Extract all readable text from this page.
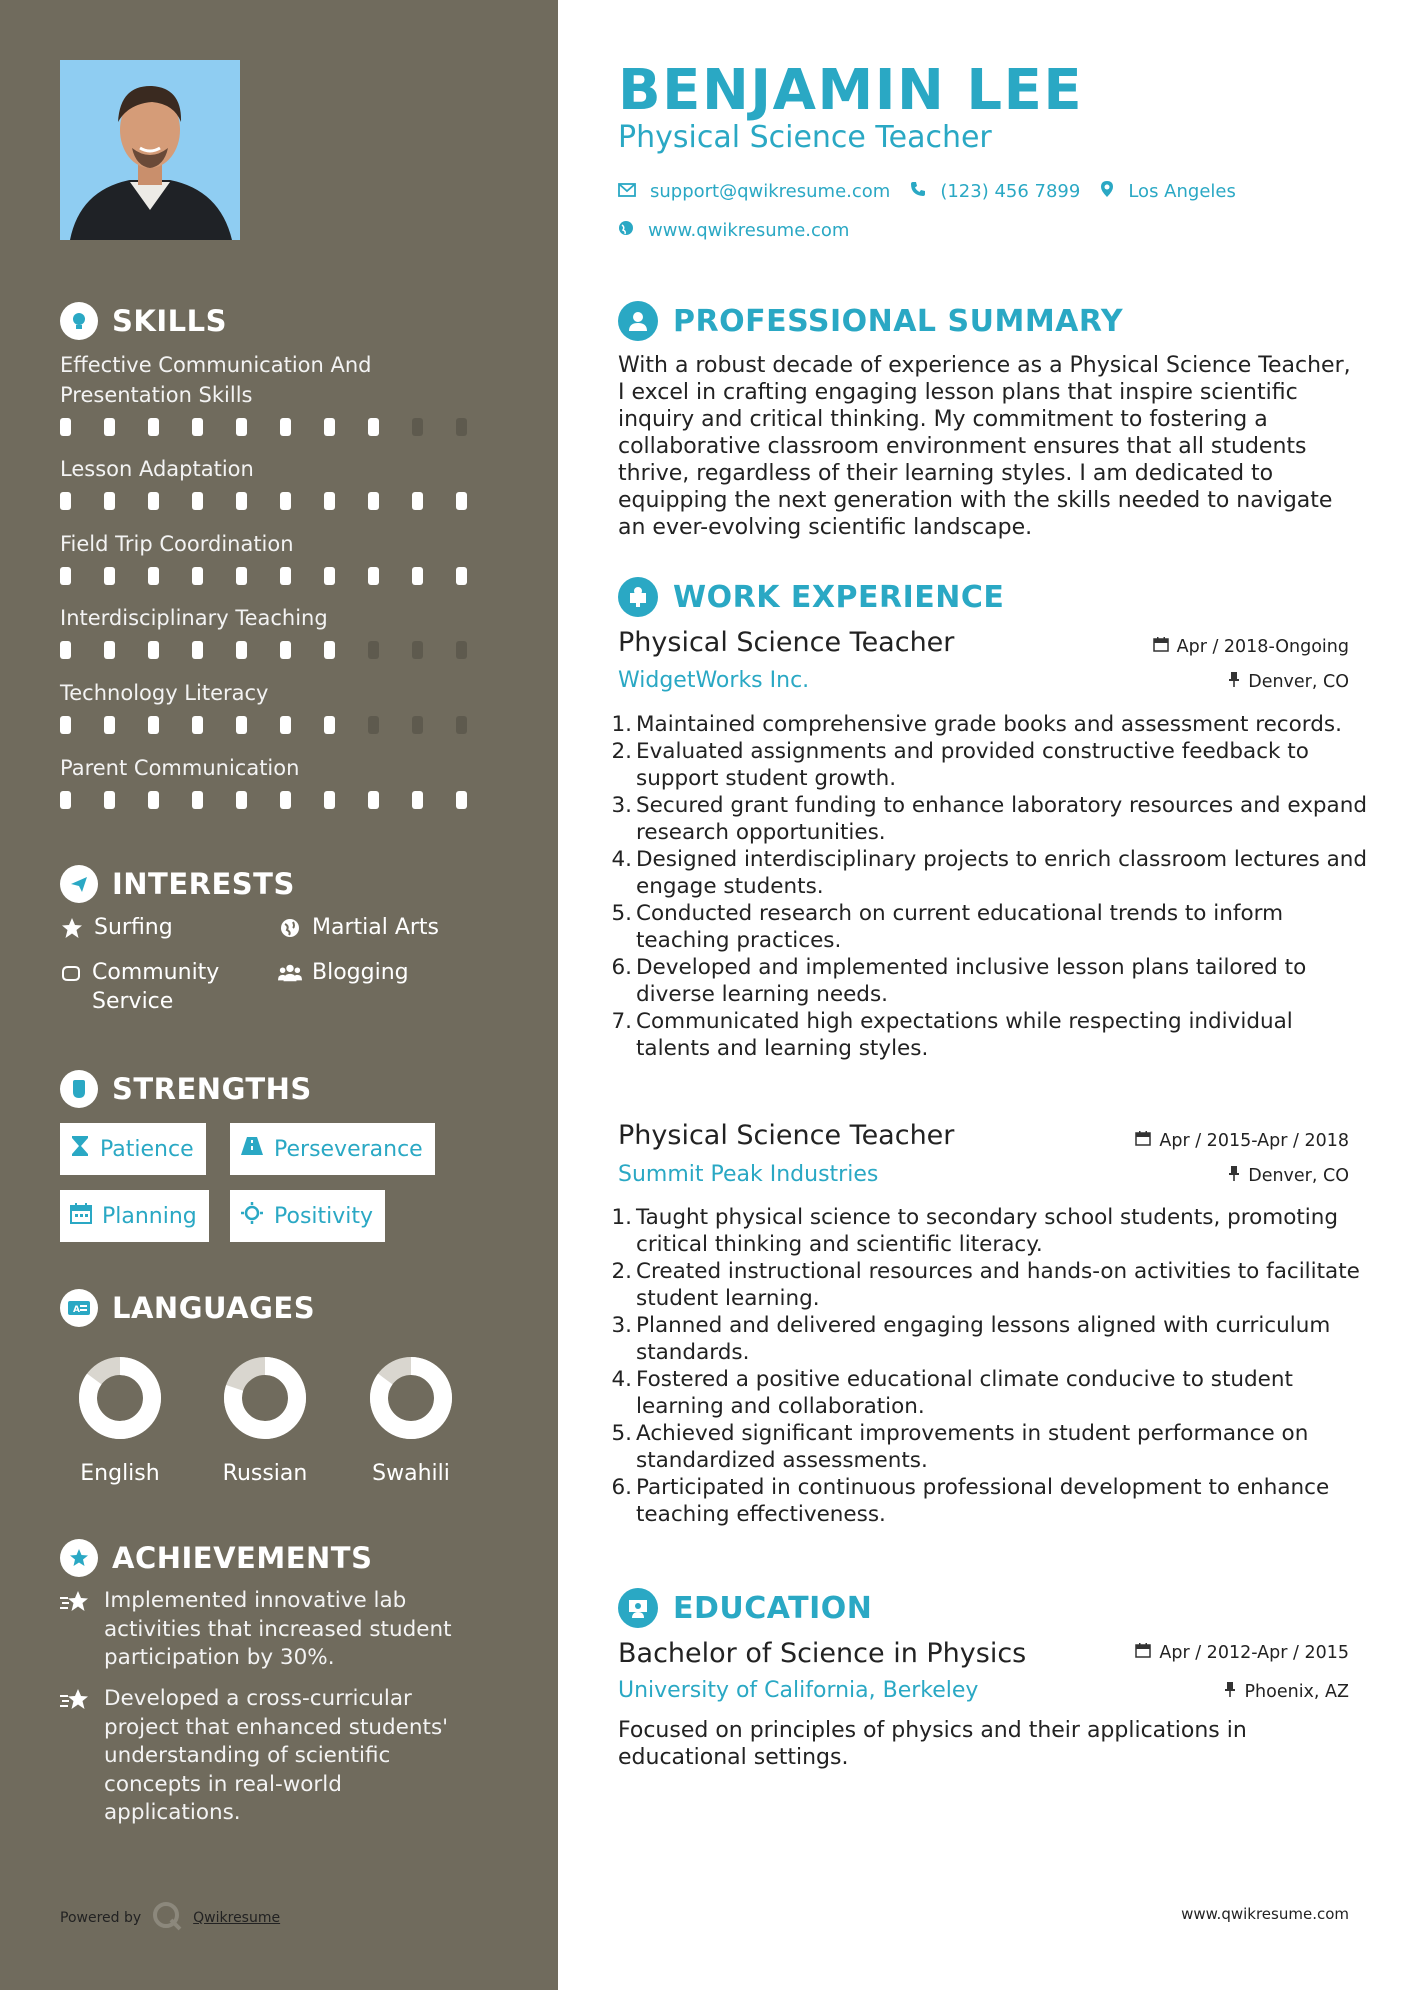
SKILLS
Effective Communication And Presentation Skills
Lesson Adaptation
Field Trip Coordination
Interdisciplinary Teaching
Technology Literacy
Parent Communication
INTERESTS
Surfing	Martial Arts
Community Service
Blogging
STRENGTHS
Patience	Perseverance
Planning	Positivity
A LANGUAGES
English	Russian	Swahili
ACHIEVEMENTS
Implemented innovative lab activities that increased student participation by 30%.
Developed a cross-curricular project that enhanced students' understanding of scientific concepts in real-world applications.
Powered by	Qwikresume
BENJAMIN LEE
Physical Science Teacher
support@qwikresume.com	(123) 456 7899	Los Angeles
www.qwikresume.com
PROFESSIONAL SUMMARY
With a robust decade of experience as a Physical Science Teacher, I excel in crafting engaging lesson plans that inspire scientific inquiry and critical thinking. My commitment to fostering a collaborative classroom environment ensures that all students thrive, regardless of their learning styles. I am dedicated to equipping the next generation with the skills needed to navigate an ever-evolving scientific landscape.
WORK EXPERIENCE
Physical Science Teacher	Apr / 2018-Ongoing
WidgetWorks Inc.	Denver, CO
1. Maintained comprehensive grade books and assessment records.
2. Evaluated assignments and provided constructive feedback to support student growth.
3. Secured grant funding to enhance laboratory resources and expand research opportunities.
4. Designed interdisciplinary projects to enrich classroom lectures and engage students.
5. Conducted research on current educational trends to inform teaching practices.
6. Developed and implemented inclusive lesson plans tailored to diverse learning needs.
7. Communicated high expectations while respecting individual talents and learning styles.
Physical Science Teacher	Apr / 2015-Apr / 2018
Summit Peak Industries	Denver, CO
1. Taught physical science to secondary school students, promoting critical thinking and scientific literacy.
2. Created instructional resources and hands-on activities to facilitate student learning.
3. Planned and delivered engaging lessons aligned with curriculum standards.
4. Fostered a positive educational climate conducive to student learning and collaboration.
5. Achieved significant improvements in student performance on standardized assessments.
6. Participated in continuous professional development to enhance teaching effectiveness.
EDUCATION
Bachelor of Science in Physics	Apr / 2012-Apr / 2015
University of California, Berkeley	Phoenix, AZ
Focused on principles of physics and their applications in educational settings.
www.qwikresume.com
